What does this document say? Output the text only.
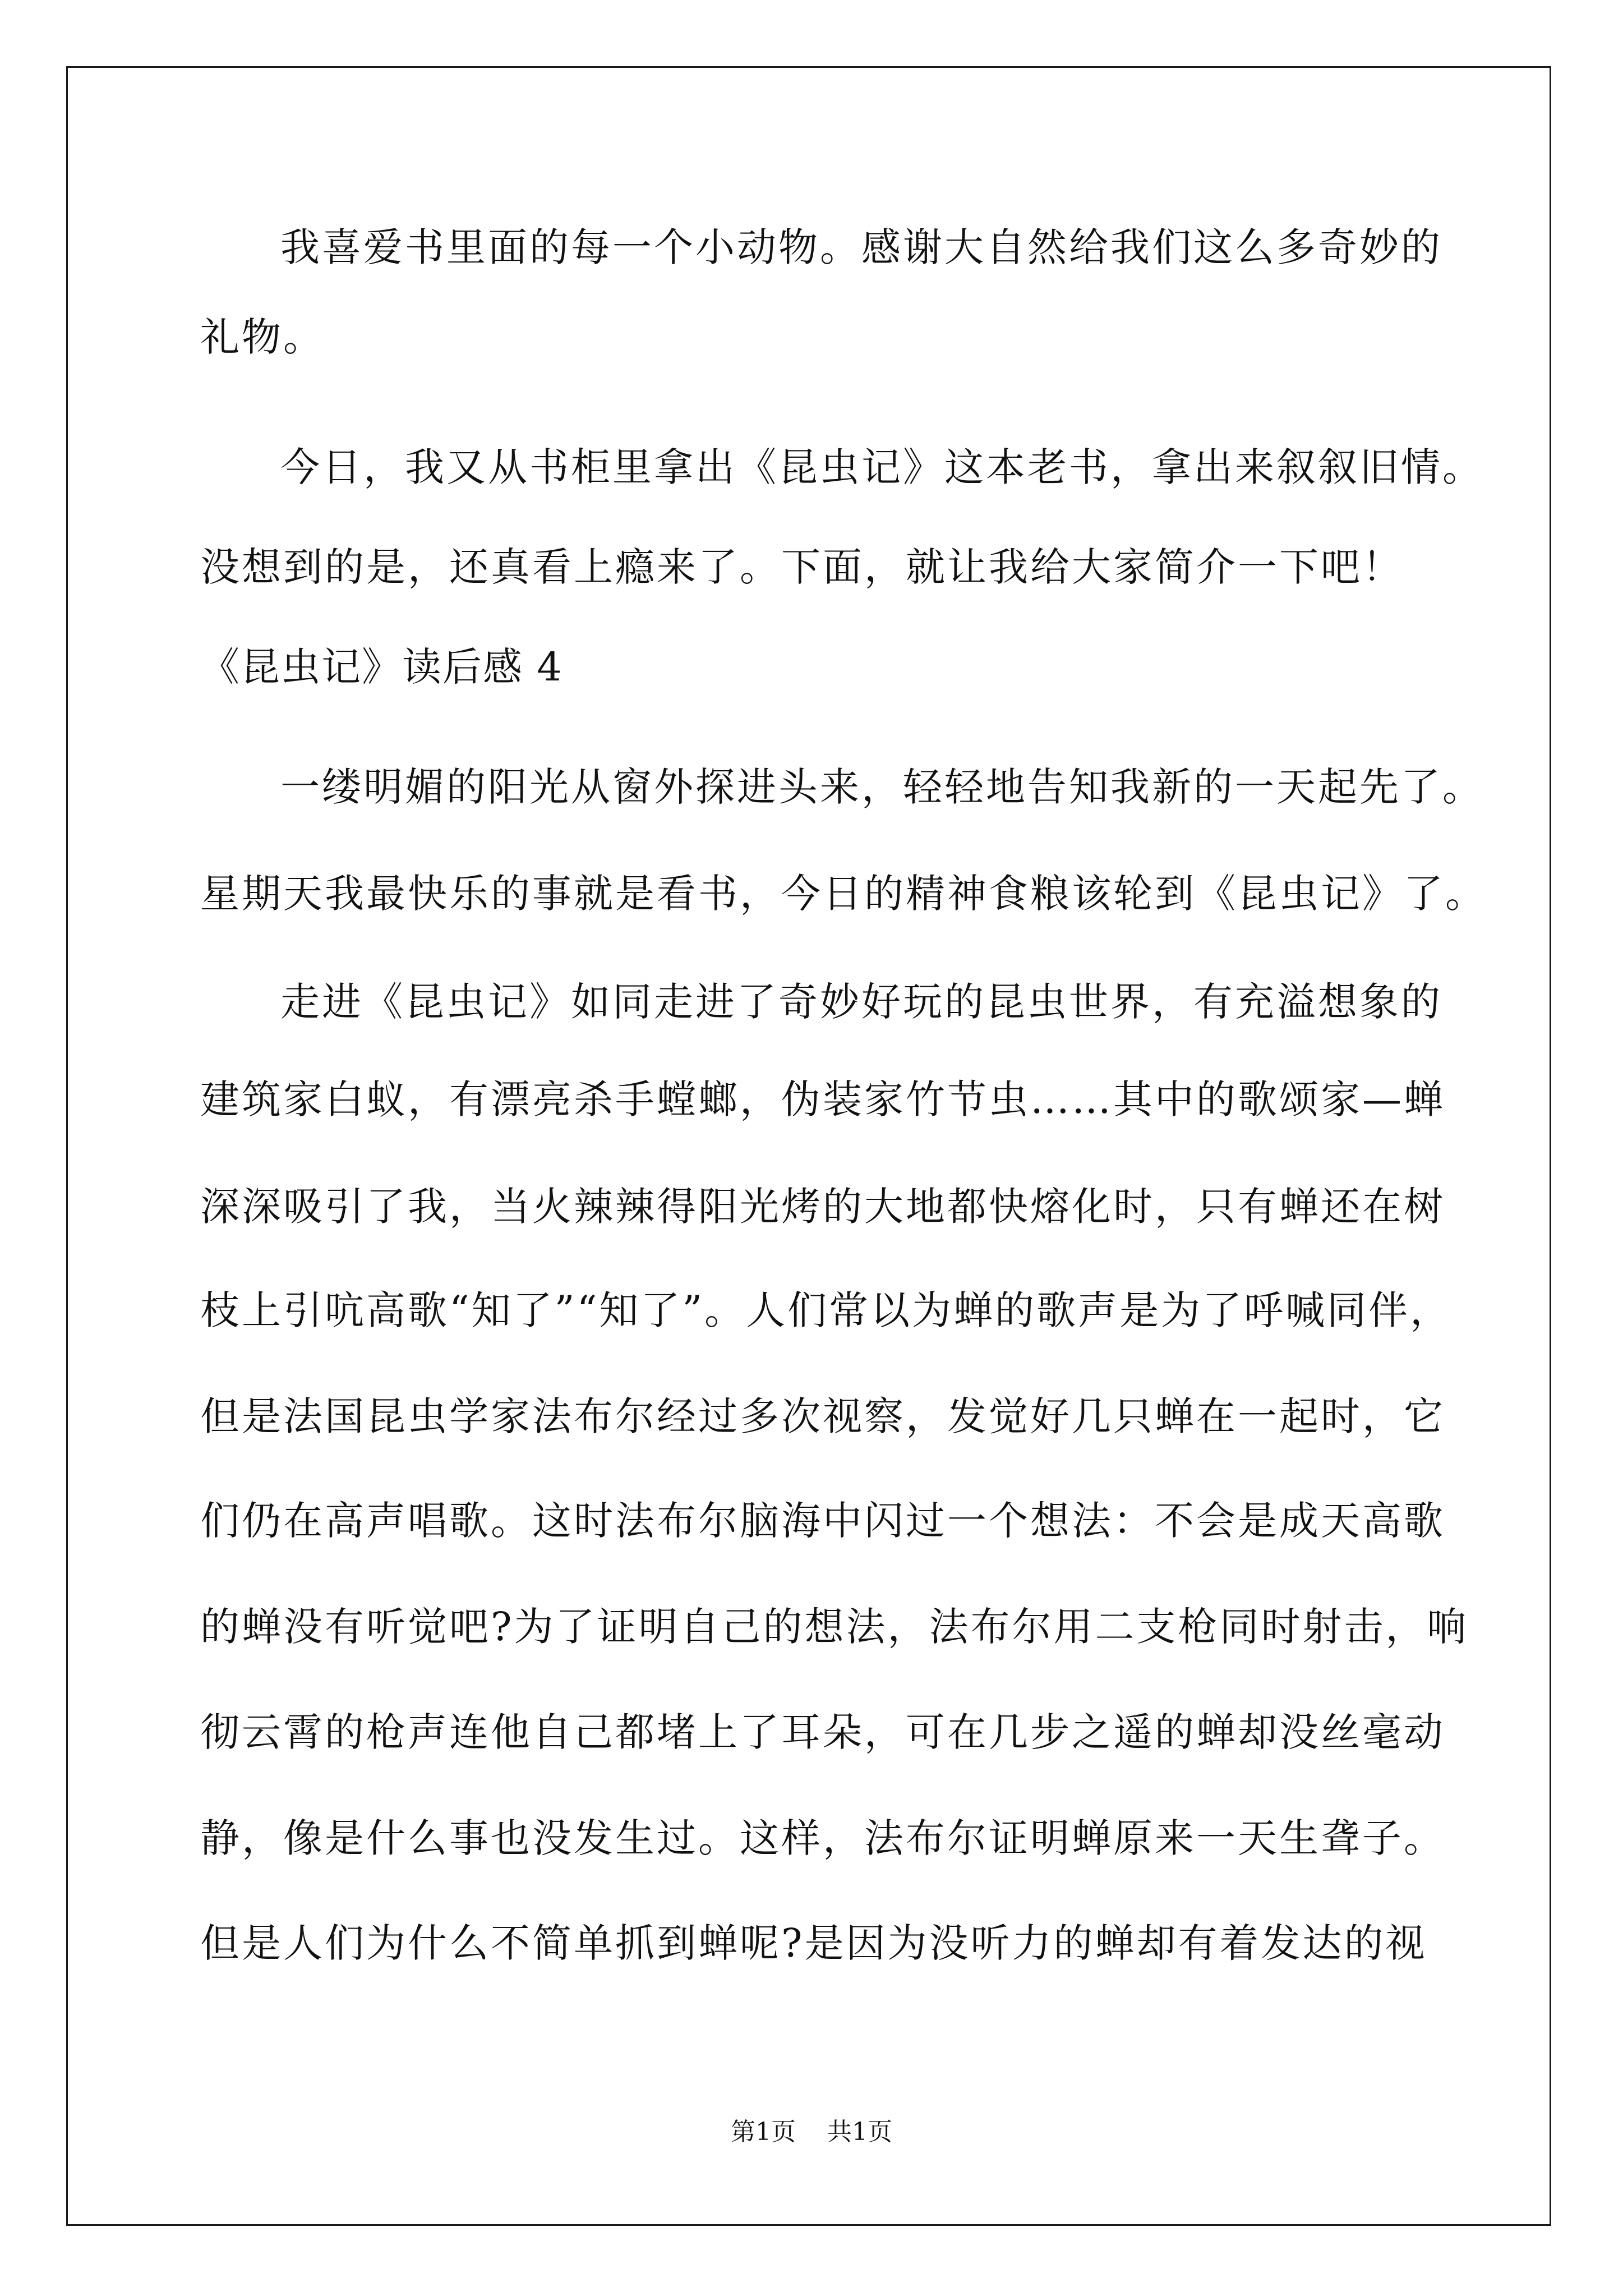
我喜爱书里面的每一个小动物。感谢大自然给我们这么多奇妙的
礼物。
今日，我又从书柜里拿出《昆虫记》这本老书，拿出来叙叙旧情。
没想到的是，还真看上瘾来了。下面，就让我给大家简介一下吧！
《昆虫记》读后感 4
一缕明媚的阳光从窗外探进头来，轻轻地告知我新的一天起先了。
星期天我最快乐的事就是看书，今日的精神食粮该轮到《昆虫记》了。
走进《昆虫记》如同走进了奇妙好玩的昆虫世界，有充溢想象的
建筑家白蚁，有漂亮杀手螳螂，伪装家竹节虫……其中的歌颂家—蝉
深深吸引了我，当火辣辣得阳光烤的大地都快熔化时，只有蝉还在树
枝上引吭高歌“知了”“知了”。人们常以为蝉的歌声是为了呼喊同伴，
但是法国昆虫学家法布尔经过多次视察，发觉好几只蝉在一起时，它
们仍在高声唱歌。这时法布尔脑海中闪过一个想法：不会是成天高歌
的蝉没有听觉吧?为了证明自己的想法，法布尔用二支枪同时射击，响
彻云霄的枪声连他自己都堵上了耳朵，可在几步之遥的蝉却没丝毫动
静，像是什么事也没发生过。这样，法布尔证明蝉原来一天生聋子。
但是人们为什么不简单抓到蝉呢?是因为没听力的蝉却有着发达的视
第1页 共1页
